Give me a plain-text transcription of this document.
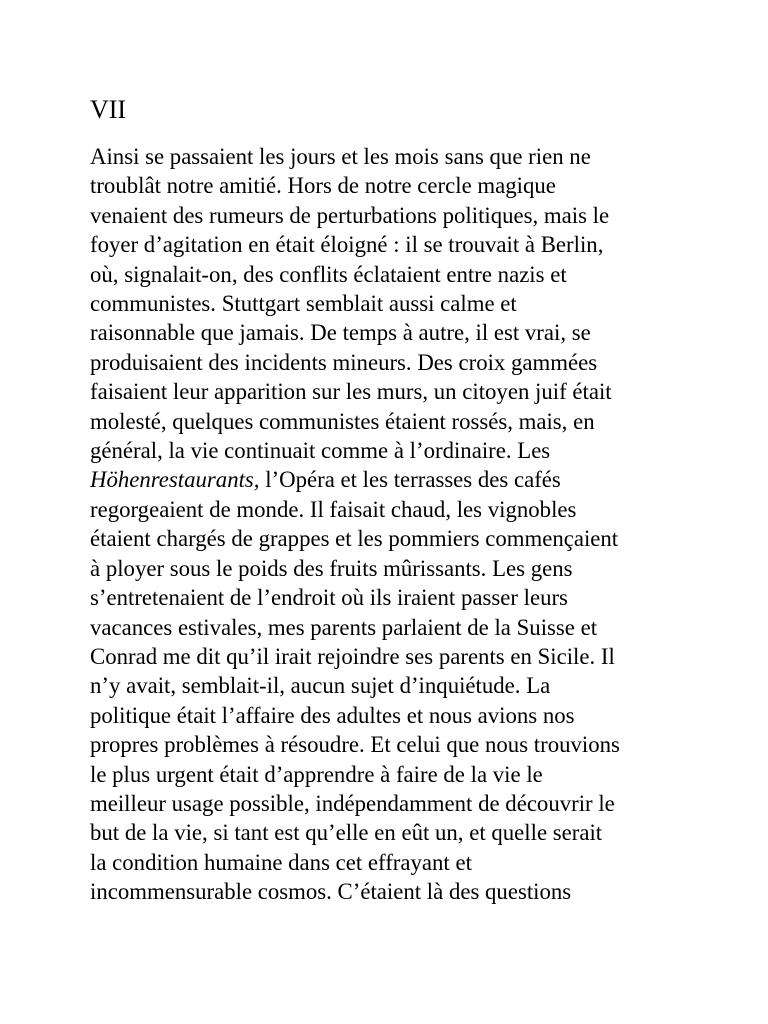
VII
Ainsi se passaient les jours et les mois sans que rien ne
troublât notre amitié. Hors de notre cercle magique
venaient des rumeurs de perturbations politiques, mais le
foyer d’agitation en était éloigné : il se trouvait à Berlin,
où, signalait-on, des conflits éclataient entre nazis et
communistes. Stuttgart semblait aussi calme et
raisonnable que jamais. De temps à autre, il est vrai, se
produisaient des incidents mineurs. Des croix gammées
faisaient leur apparition sur les murs, un citoyen juif était
molesté, quelques communistes étaient rossés, mais, en
général, la vie continuait comme à l’ordinaire. Les
Höhenrestaurants, l’Opéra et les terrasses des cafés
regorgeaient de monde. Il faisait chaud, les vignobles
étaient chargés de grappes et les pommiers commençaient
à ployer sous le poids des fruits mûrissants. Les gens
s’entretenaient de l’endroit où ils iraient passer leurs
vacances estivales, mes parents parlaient de la Suisse et
Conrad me dit qu’il irait rejoindre ses parents en Sicile. Il
n’y avait, semblait-il, aucun sujet d’inquiétude. La
politique était l’affaire des adultes et nous avions nos
propres problèmes à résoudre. Et celui que nous trouvions
le plus urgent était d’apprendre à faire de la vie le
meilleur usage possible, indépendamment de découvrir le
but de la vie, si tant est qu’elle en eût un, et quelle serait
la condition humaine dans cet effrayant et
incommensurable cosmos. C’étaient là des questions
